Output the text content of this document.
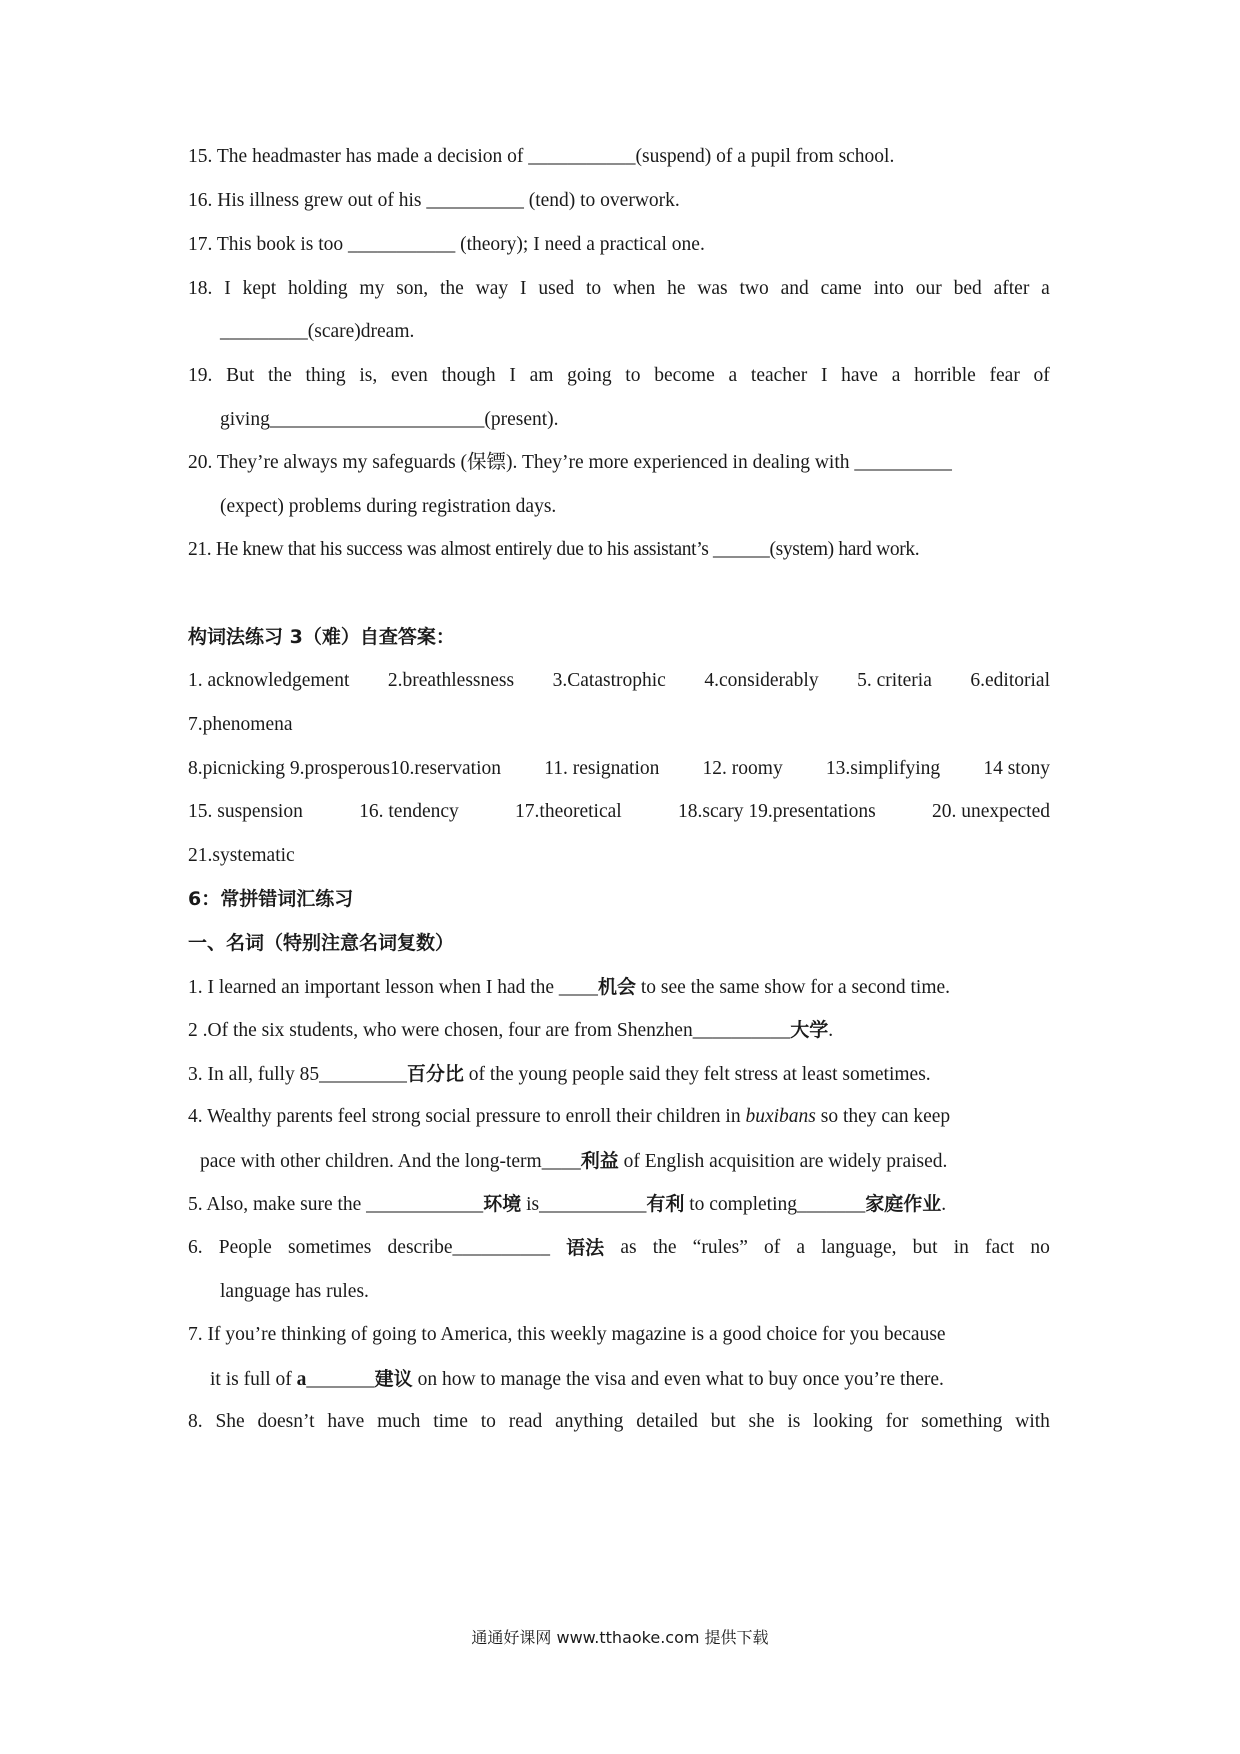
15. The headmaster has made a decision of ___________(suspend) of a pupil from school.
16. His illness grew out of his __________ (tend) to overwork.
17. This book is too ___________ (theory); I need a practical one.
18. I kept holding my son, the way I used to when he was two and came into our bed after a
_________(scare)dream.
19. But the thing is, even though I am going to become a teacher I have a horrible fear of
giving______________________(present).
20. They’re always my safeguards (保镖). They’re more experienced in dealing with __________
(expect) problems during registration days.
21. He knew that his success was almost entirely due to his assistant’s ______(system) hard work.
构词法练习 3（难）自查答案：
1. acknowledgement 2.breathlessness 3.Catastrophic 4.considerably 5. criteria 6.editorial
7.phenomena
8.picnicking 9.prosperous10.reservation 11. resignation 12. roomy 13.simplifying 14 stony
15. suspension	16. tendency	17.theoretical	18.scary 19.presentations	20. unexpected
21.systematic
6：常拼错词汇练习
一、名词（特别注意名词复数）
1. I learned an important lesson when I had the ____机会 to see the same show for a second time.
2 .Of the six students, who were chosen, four are from Shenzhen__________大学.
3. In all, fully 85_________百分比 of the young people said they felt stress at least sometimes.
4. Wealthy parents feel strong social pressure to enroll their children in buxibans so they can keep
pace with other children. And the long-term____利益 of English acquisition are widely praised.
5. Also, make sure the ____________环境 is___________有利 to completing_______家庭作业.
6. People sometimes describe__________ 语法 as the “rules” of a language, but in fact no
language has rules.
7. If you’re thinking of going to America, this weekly magazine is a good choice for you because
it is full of a_______建议 on how to manage the visa and even what to buy once you’re there.
8. She doesn’t have much time to read anything detailed but she is looking for something with
通通好课网 www.tthaoke.com 提供下载
